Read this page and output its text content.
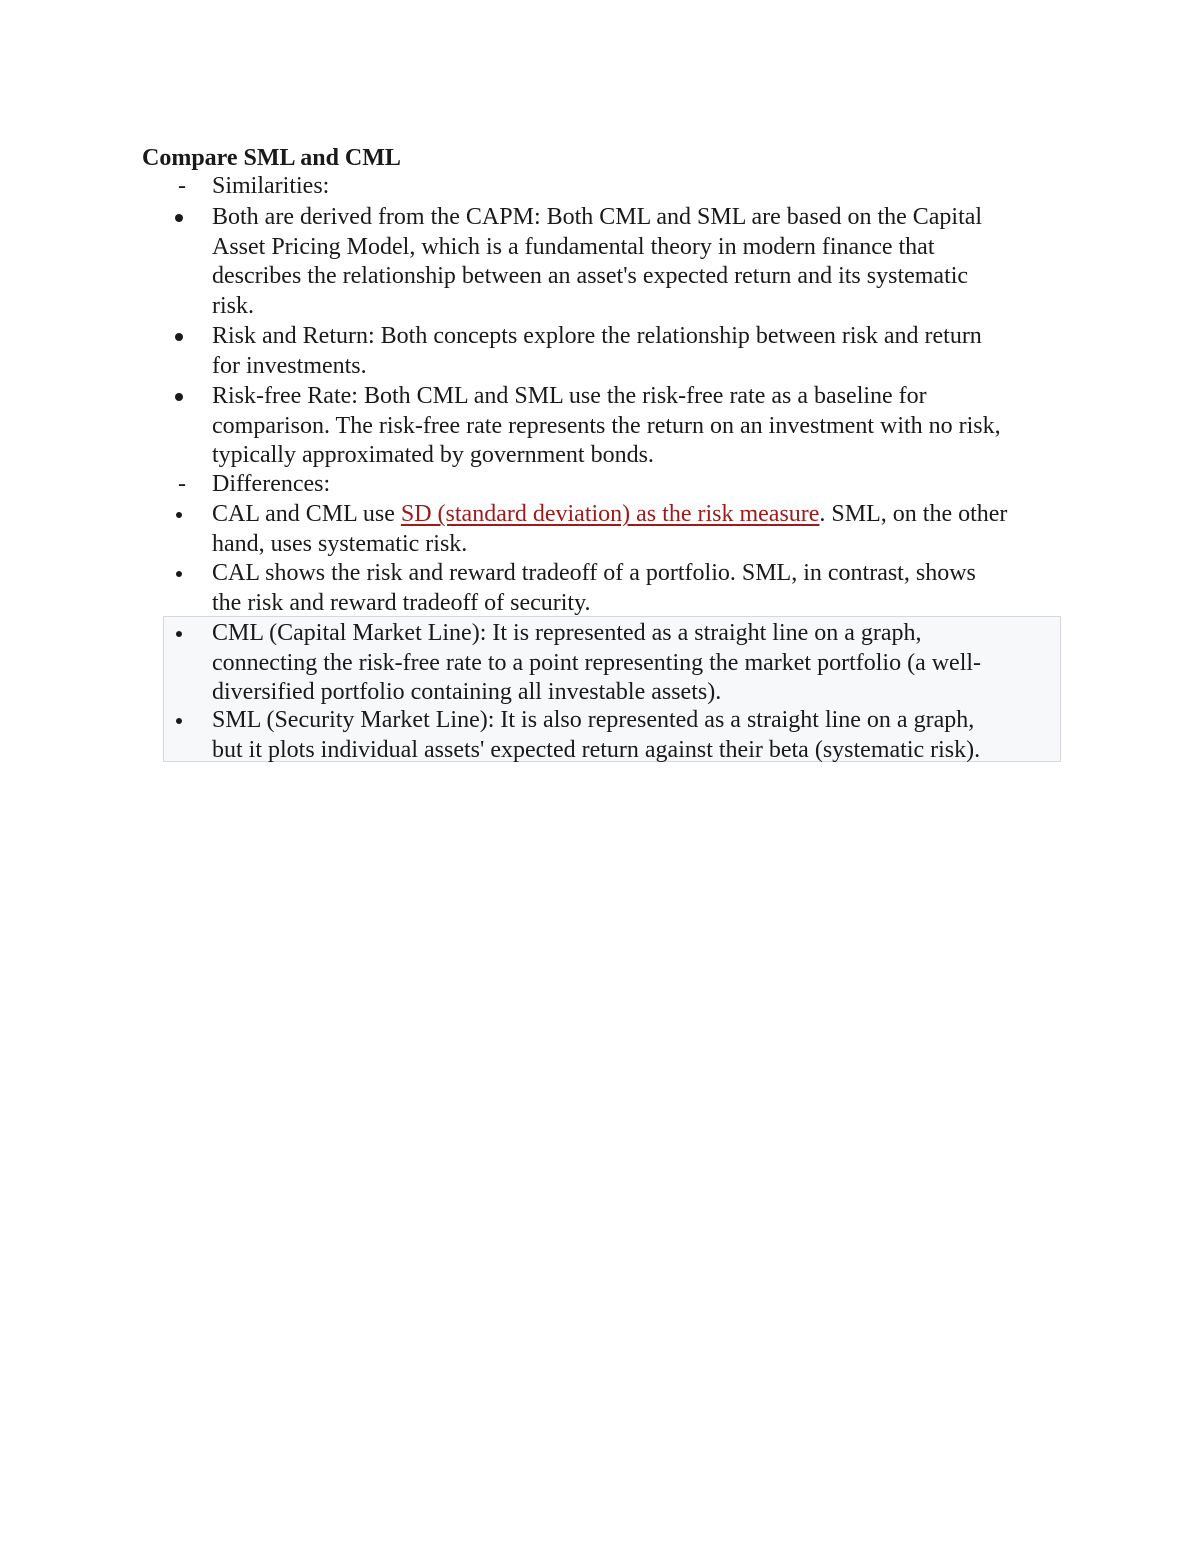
Compare SML and CML
- Similarities:
Both are derived from the CAPM: Both CML and SML are based on the Capital
Asset Pricing Model, which is a fundamental theory in modern finance that
describes the relationship between an asset's expected return and its systematic
risk.
Risk and Return: Both concepts explore the relationship between risk and return
for investments.
Risk-free Rate: Both CML and SML use the risk-free rate as a baseline for
comparison. The risk-free rate represents the return on an investment with no risk,
typically approximated by government bonds.
- Differences:
CAL and CML use SD (standard deviation) as the risk measure. SML, on the other
hand, uses systematic risk.
CAL shows the risk and reward tradeoff of a portfolio. SML, in contrast, shows
the risk and reward tradeoff of security.
CML (Capital Market Line): It is represented as a straight line on a graph,
connecting the risk-free rate to a point representing the market portfolio (a well-
diversified portfolio containing all investable assets).
SML (Security Market Line): It is also represented as a straight line on a graph,
but it plots individual assets' expected return against their beta (systematic risk).
